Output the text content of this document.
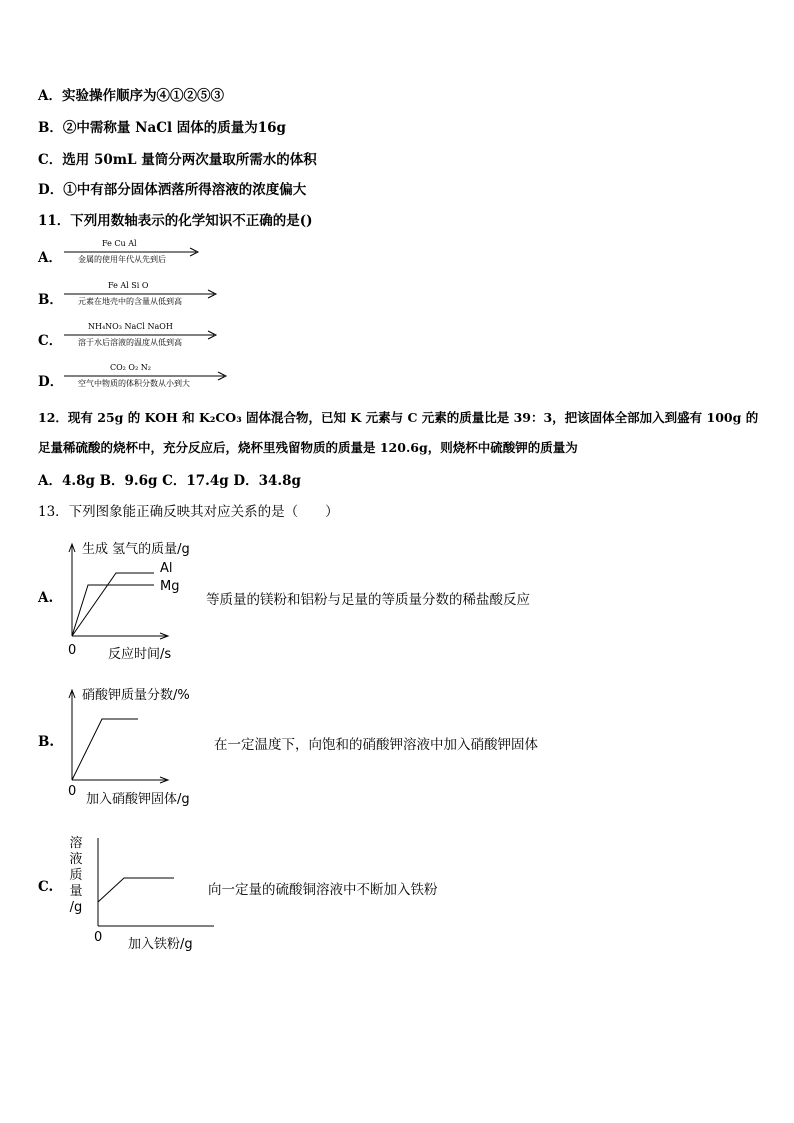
A．实验操作顺序为④①②⑤③
B．②中需称量 NaCl 固体的质量为16g
C．选用 50mL 量筒分两次量取所需水的体积
D．①中有部分固体洒落所得溶液的浓度偏大
11．下列用数轴表示的化学知识不正确的是()
A．
Fe Cu Al
金属的使用年代从先到后
B．
Fe Al Si O
元素在地壳中的含量从低到高
C．
NH₄NO₃ NaCl NaOH
溶于水后溶液的温度从低到高
D．
CO₂ O₂ N₂
空气中物质的体积分数从小到大
12．现有 25g 的 KOH 和 K₂CO₃ 固体混合物，已知 K 元素与 C 元素的质量比是 39：3，把该固体全部加入到盛有 100g 的
足量稀硫酸的烧杯中，充分反应后，烧杯里残留物质的质量是 120.6g，则烧杯中硫酸钾的质量为
A．4.8g B．9.6g C．17.4g D．34.8g
13．下列图象能正确反映其对应关系的是（　　）
A.
生成 氢气的质量/g
Al
Mg
0 反应时间/s
等质量的镁粉和铝粉与足量的等质量分数的稀盐酸反应
B.
硝酸钾质量分数/%
0
加入硝酸钾固体/g
在一定温度下，向饱和的硝酸钾溶液中加入硝酸钾固体
C.
溶
液
质
量
/g
0 加入铁粉/g
向一定量的硫酸铜溶液中不断加入铁粉
